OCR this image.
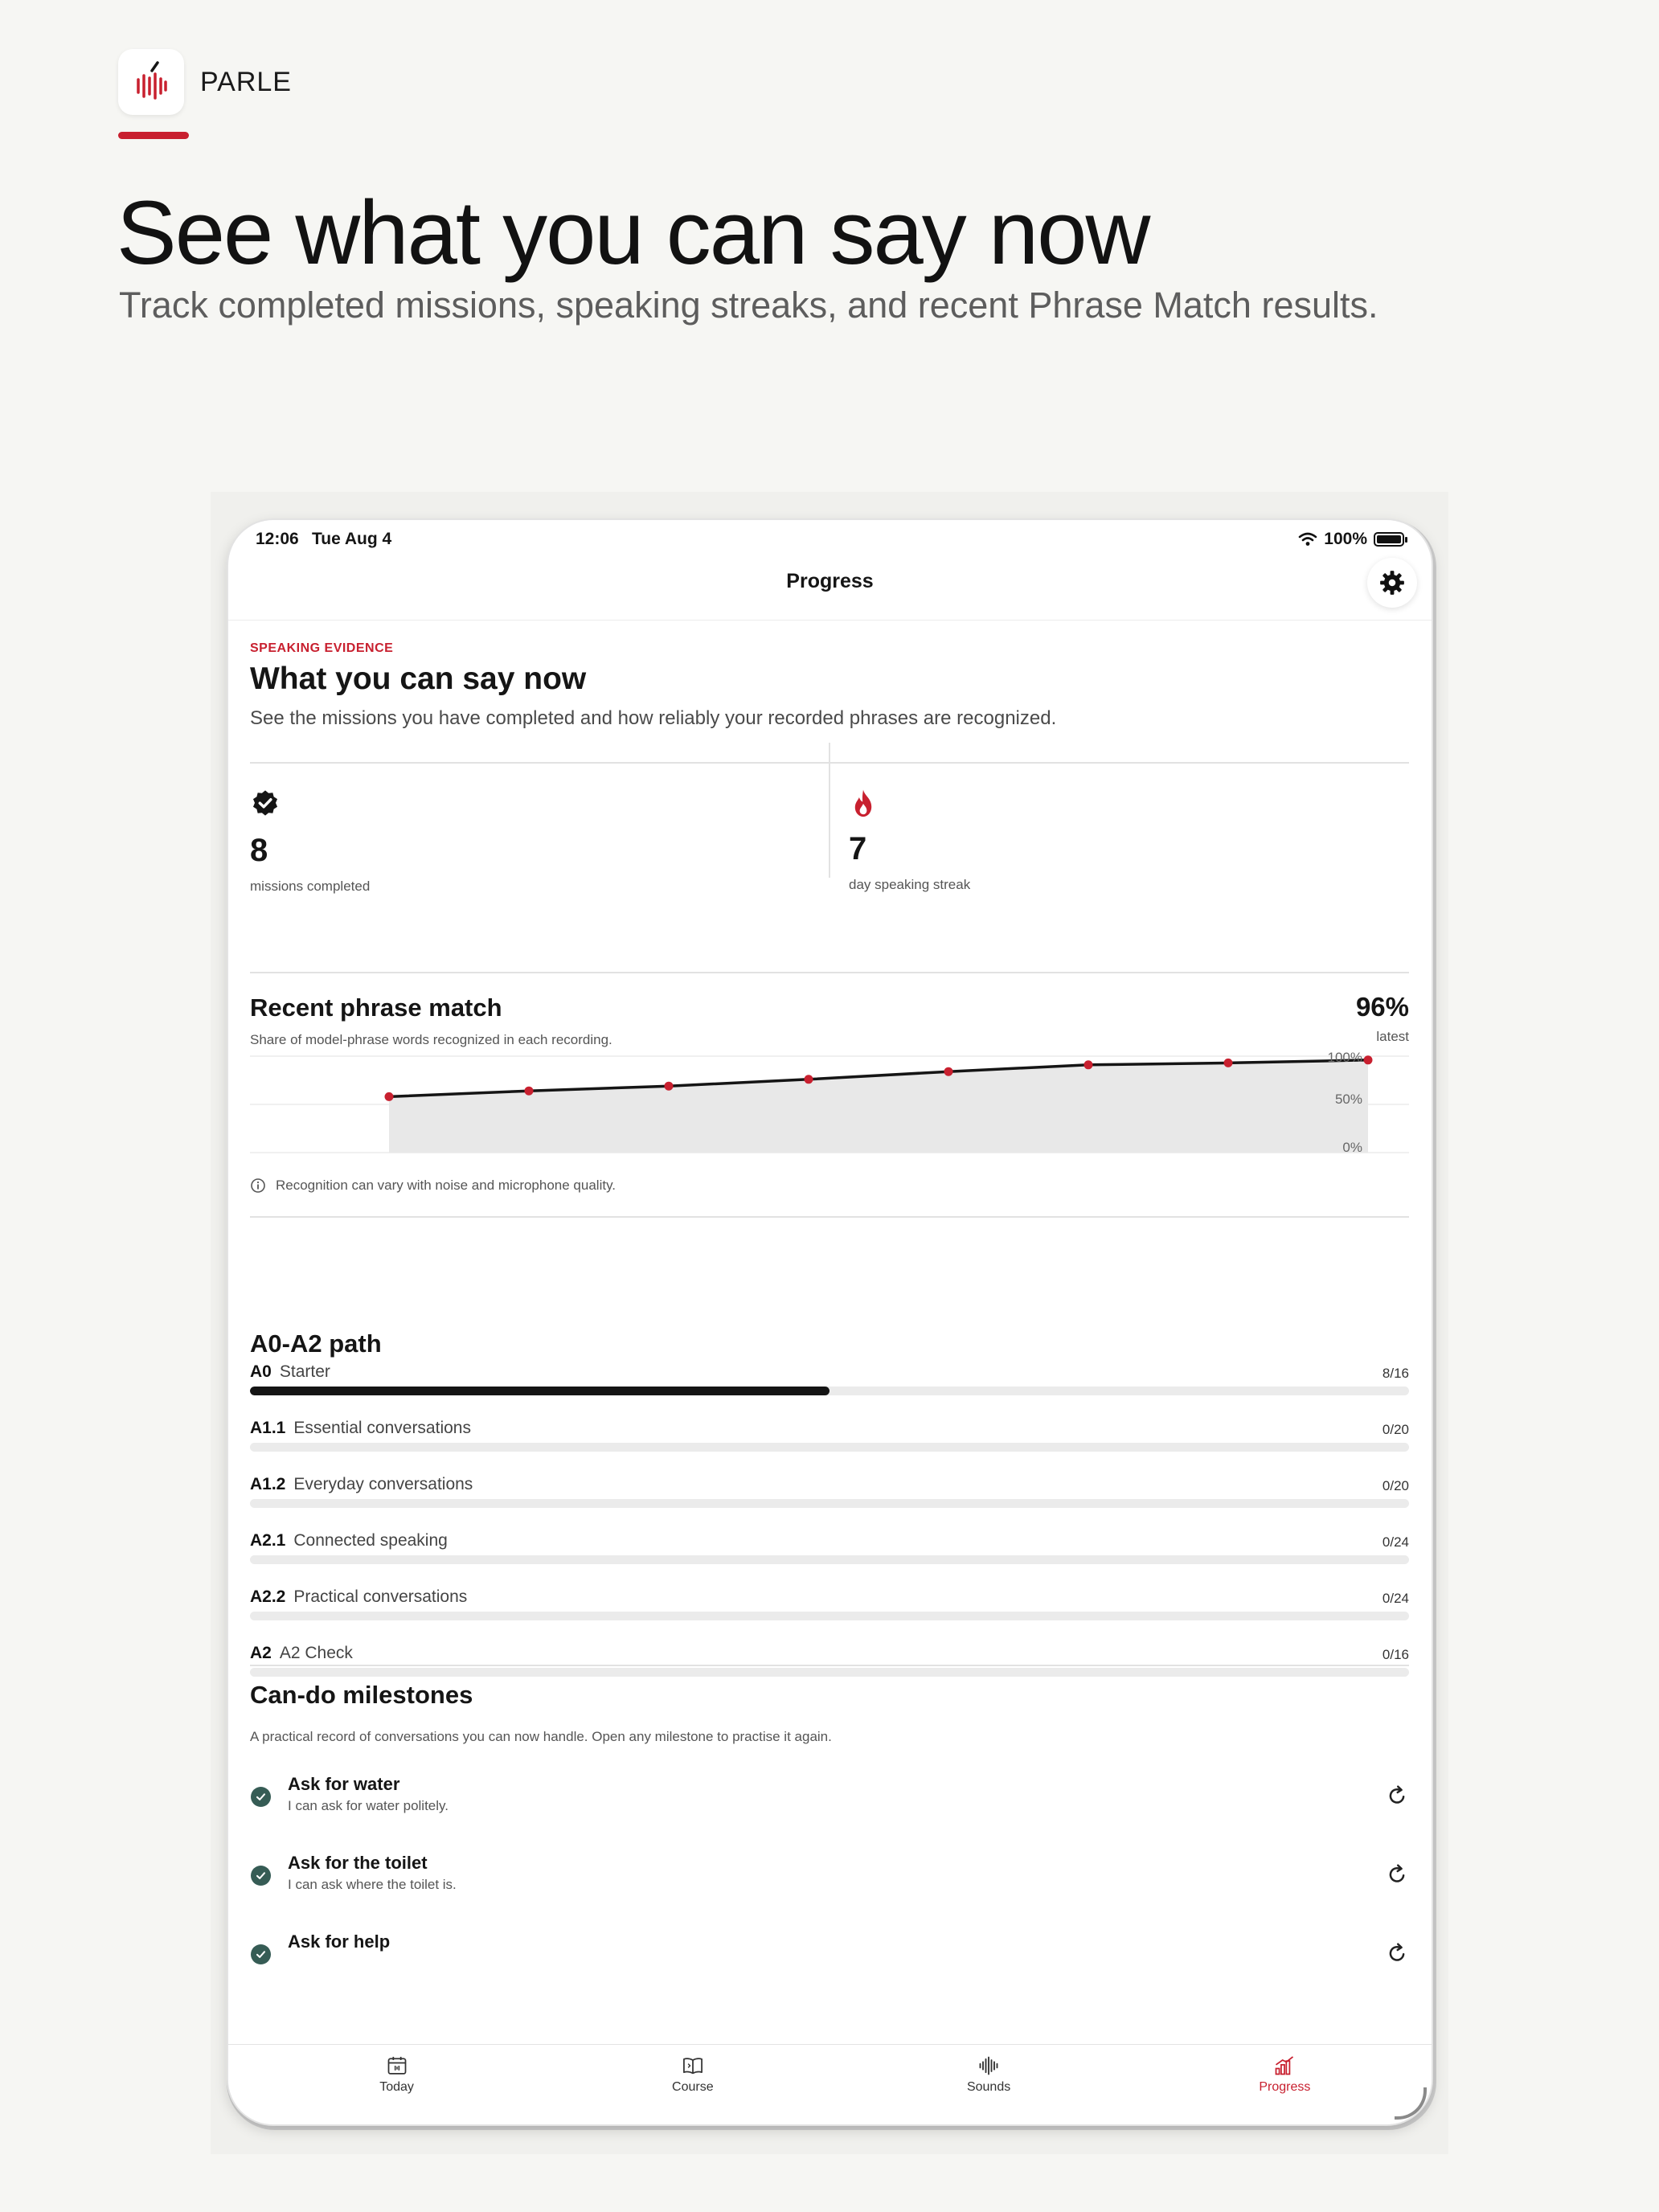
PARLE
See what you can say now
Track completed missions, speaking streaks, and recent Phrase Match results.
12:06 Tue Aug 4	100%
Progress
SPEAKING EVIDENCE
What you can say now
See the missions you have completed and how reliably your recorded phrases are recognized.
8
missions completed
7
day speaking streak
Recent phrase match
Share of model-phrase words recognized in each recording.
96%
latest
100%
50%
0%
Recognition can vary with noise and microphone quality.
A0-A2 path
A0 Starter	8/16
A1.1 Essential conversations	0/20
A1.2 Everyday conversations	0/20
A2.1 Connected speaking	0/24
A2.2 Practical conversations	0/24
A2 A2 Check	0/16
Can-do milestones
A practical record of conversations you can now handle. Open any milestone to practise it again.
Ask for water
I can ask for water politely.
Ask for the toilet
I can ask where the toilet is.
Ask for help
Today	Course	Sounds	Progress
